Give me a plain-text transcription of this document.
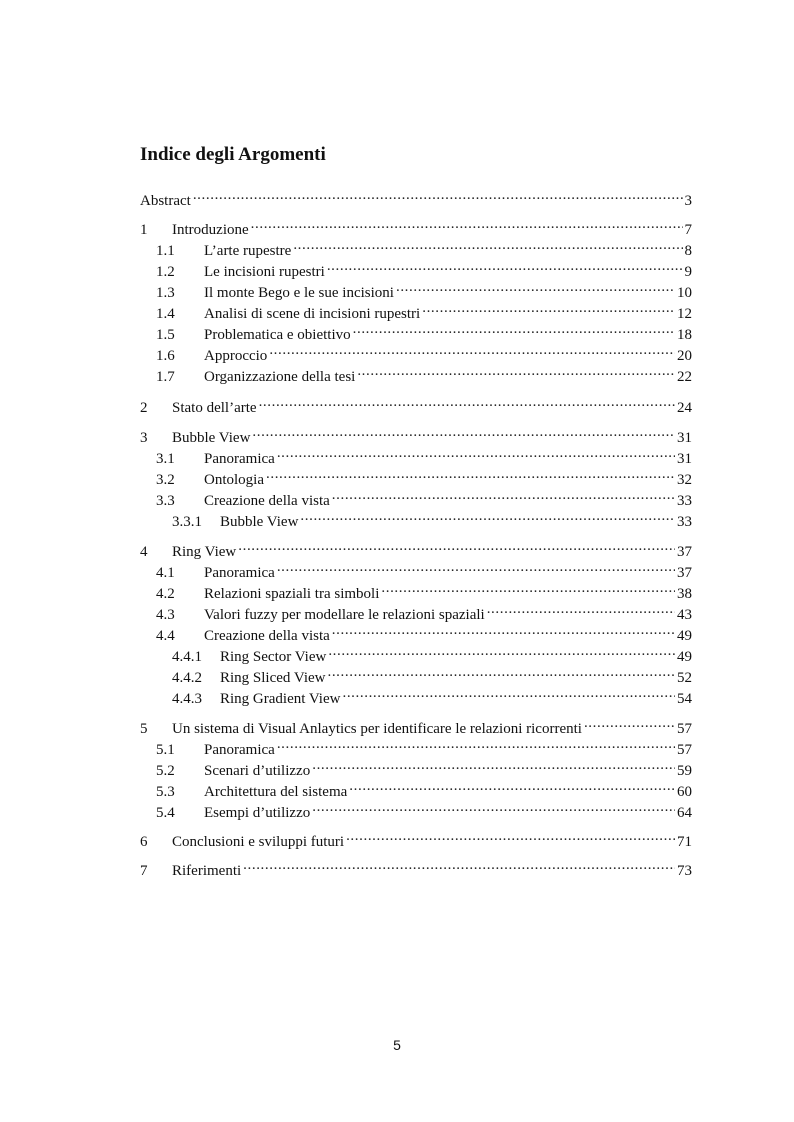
Indice degli Argomenti
Abstract .....	3
1	Introduzione .....	7
1.1	L’arte rupestre .....	8
1.2	Le incisioni rupestri .....	9
1.3	Il monte Bego e le sue incisioni .....	10
1.4	Analisi di scene di incisioni rupestri .....	12
1.5	Problematica e obiettivo .....	18
1.6	Approccio .....	20
1.7	Organizzazione della tesi .....	22
2	Stato dell’arte .....	24
3	Bubble View .....	31
3.1	Panoramica .....	31
3.2	Ontologia .....	32
3.3	Creazione della vista .....	33
3.3.1	Bubble View .....	33
4	Ring View .....	37
4.1	Panoramica .....	37
4.2	Relazioni spaziali tra simboli .....	38
4.3	Valori fuzzy per modellare le relazioni spaziali .....	43
4.4	Creazione della vista .....	49
4.4.1	Ring Sector View .....	49
4.4.2	Ring Sliced View .....	52
4.4.3	Ring Gradient View .....	54
5	Un sistema di Visual Anlaytics per identificare le relazioni ricorrenti .....	57
5.1	Panoramica .....	57
5.2	Scenari d’utilizzo .....	59
5.3	Architettura del sistema .....	60
5.4	Esempi d’utilizzo .....	64
6	Conclusioni e sviluppi futuri .....	71
7	Riferimenti .....	73
5
